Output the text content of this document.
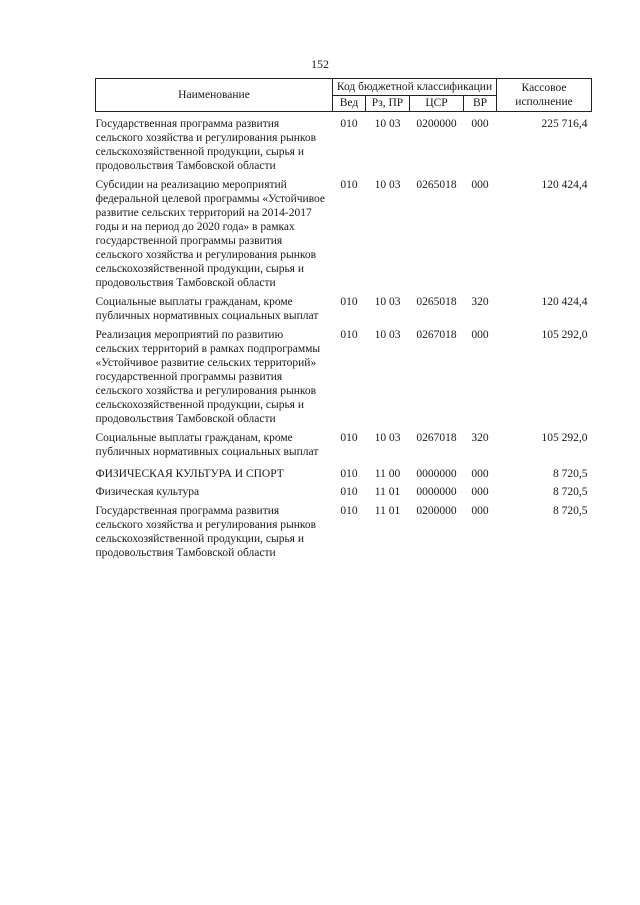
152
Наименование	Код бюджетной классификации				Кассовое исполнение
	Вед	Рз, ПР	ЦСР	ВР	
Государственная программа развития сельского хозяйства и регулирования рынков сельскохозяйственной продукции, сырья и продовольствия Тамбовской области	010	10 03	0200000	000	225 716,4
Субсидии на реализацию мероприятий федеральной целевой программы «Устойчивое развитие сельских территорий на 2014-2017 годы и на период до 2020 года» в рамках государственной программы развития сельского хозяйства и регулирования рынков сельскохозяйственной продукции, сырья и продовольствия Тамбовской области	010	10 03	0265018	000	120 424,4
Социальные выплаты гражданам, кроме публичных нормативных социальных выплат	010	10 03	0265018	320	120 424,4
Реализация мероприятий по развитию сельских территорий в рамках подпрограммы «Устойчивое развитие сельских территорий» государственной программы развития сельского хозяйства и регулирования рынков сельскохозяйственной продукции, сырья и продовольствия Тамбовской области	010	10 03	0267018	000	105 292,0
Социальные выплаты гражданам, кроме публичных нормативных социальных выплат	010	10 03	0267018	320	105 292,0
ФИЗИЧЕСКАЯ КУЛЬТУРА И СПОРТ	010	11 00	0000000	000	8 720,5
Физическая культура	010	11 01	0000000	000	8 720,5
Государственная программа развития сельского хозяйства и регулирования рынков сельскохозяйственной продукции, сырья и продовольствия Тамбовской области	010	11 01	0200000	000	8 720,5
